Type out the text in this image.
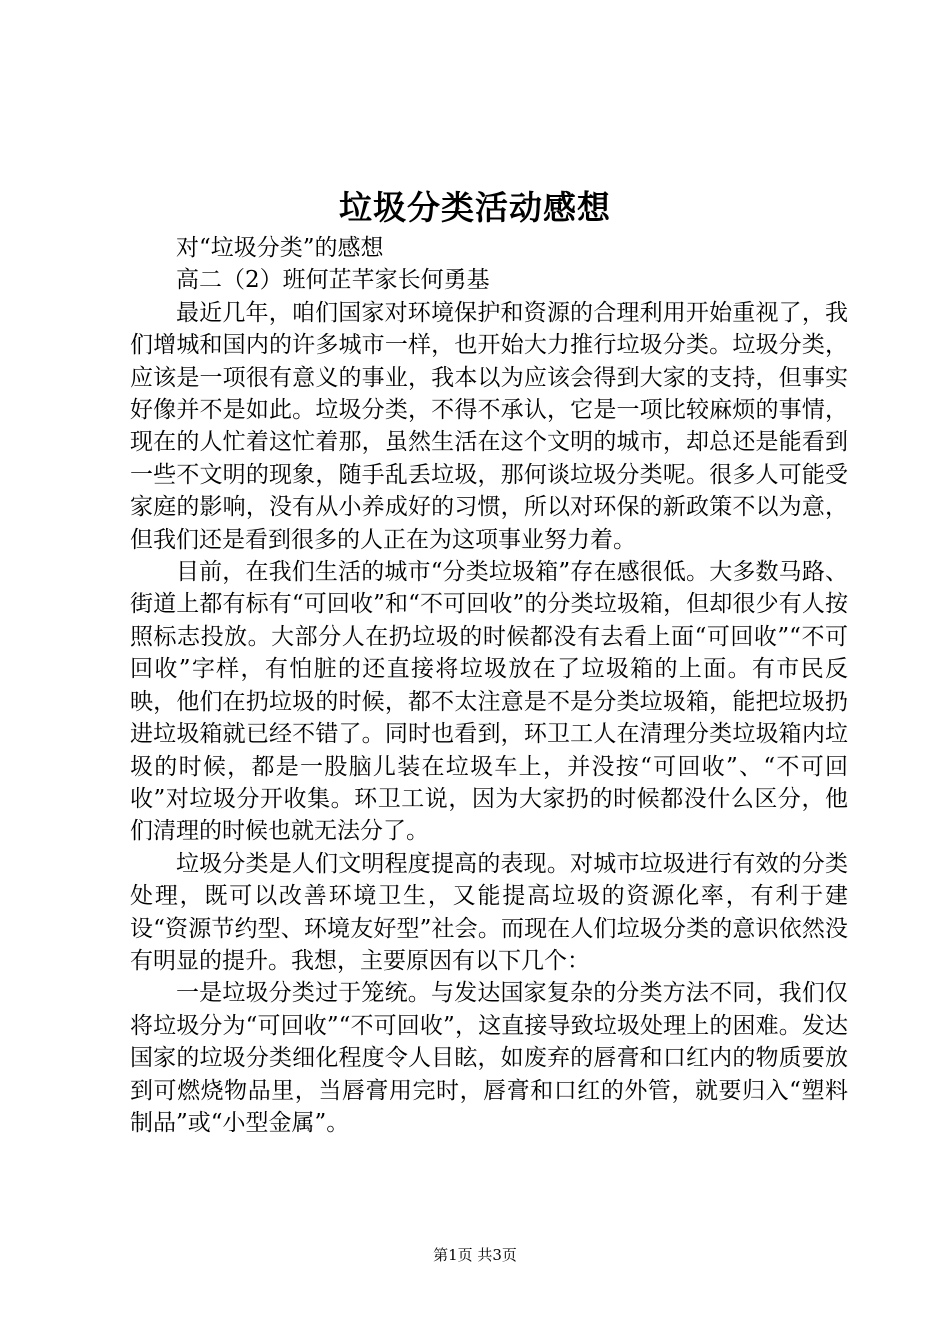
垃圾分类活动感想

对“垃圾分类”的感想

高二（2）班何芷芊家长何勇基

最近几年，咱们国家对环境保护和资源的合理利用开始重视了，我们增城和国内的许多城市一样，也开始大力推行垃圾分类。垃圾分类，应该是一项很有意义的事业，我本以为应该会得到大家的支持，但事实好像并不是如此。垃圾分类，不得不承认，它是一项比较麻烦的事情，现在的人忙着这忙着那，虽然生活在这个文明的城市，却总还是能看到一些不文明的现象，随手乱丢垃圾，那何谈垃圾分类呢。很多人可能受家庭的影响，没有从小养成好的习惯，所以对环保的新政策不以为意，但我们还是看到很多的人正在为这项事业努力着。

目前，在我们生活的城市“分类垃圾箱”存在感很低。大多数马路、街道上都有标有“可回收”和“不可回收”的分类垃圾箱，但却很少有人按照标志投放。大部分人在扔垃圾的时候都没有去看上面“可回收”“不可回收”字样，有怕脏的还直接将垃圾放在了垃圾箱的上面。有市民反映，他们在扔垃圾的时候，都不太注意是不是分类垃圾箱，能把垃圾扔进垃圾箱就已经不错了。同时也看到，环卫工人在清理分类垃圾箱内垃圾的时候，都是一股脑儿装在垃圾车上，并没按“可回收”、“不可回收”对垃圾分开收集。环卫工说，因为大家扔的时候都没什么区分，他们清理的时候也就无法分了。

垃圾分类是人们文明程度提高的表现。对城市垃圾进行有效的分类处理，既可以改善环境卫生，又能提高垃圾的资源化率，有利于建设“资源节约型、环境友好型”社会。而现在人们垃圾分类的意识依然没有明显的提升。我想，主要原因有以下几个：

一是垃圾分类过于笼统。与发达国家复杂的分类方法不同，我们仅将垃圾分为“可回收”“不可回收”，这直接导致垃圾处理上的困难。发达国家的垃圾分类细化程度令人目眩，如废弃的唇膏和口红内的物质要放到可燃烧物品里，当唇膏用完时，唇膏和口红的外管，就要归入“塑料制品”或“小型金属”。

第1页 共3页
